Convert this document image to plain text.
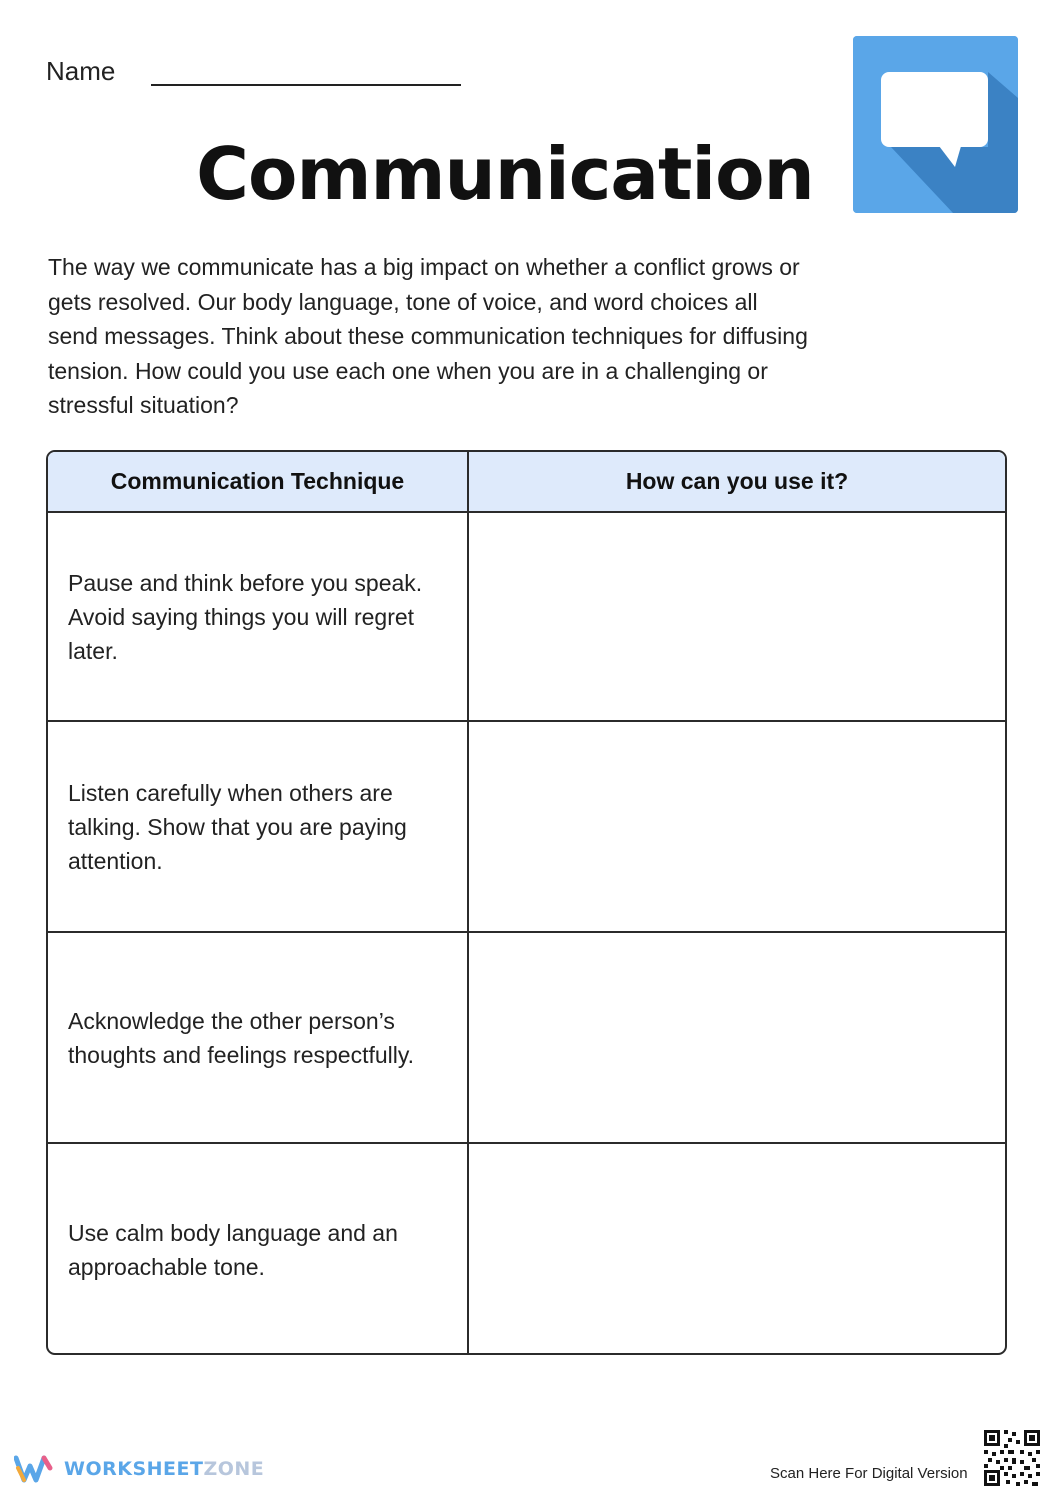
Name
Communication
The way we communicate has a big impact on whether a conflict grows or gets resolved. Our body language, tone of voice, and word choices all send messages. Think about these communication techniques for diffusing tension. How could you use each one when you are in a challenging or stressful situation?
Communication Technique	How can you use it?
Pause and think before you speak. Avoid saying things you will regret later.
Listen carefully when others are talking. Show that you are paying attention.
Acknowledge the other person’s thoughts and feelings respectfully.
Use calm body language and an approachable tone.
WORKSHEETZONE	Scan Here For Digital Version
